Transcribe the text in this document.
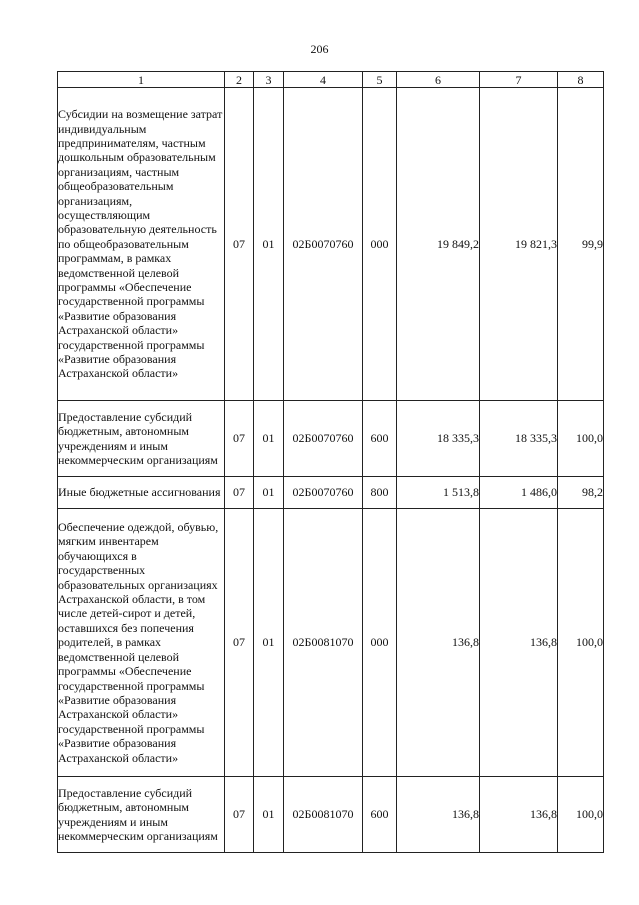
206
1	2	3	4	5	6	7	8
Субсидии на возмещение затрат индивидуальным предпринимателям, частным дошкольным образовательным организациям, частным общеобразовательным организациям, осуществляющим образовательную деятельность по общеобразовательным программам, в рамках ведомственной целевой программы «Обеспечение государственной программы «Развитие образования Астраханской области» государственной программы «Развитие образования Астраханской области»	07	01	02Б0070760	000	19 849,2	19 821,3	99,9
Предоставление субсидий бюджетным, автономным учреждениям и иным некоммерческим организациям	07	01	02Б0070760	600	18 335,3	18 335,3	100,0
Иные бюджетные ассигнования	07	01	02Б0070760	800	1 513,8	1 486,0	98,2
Обеспечение одеждой, обувью, мягким инвентарем обучающихся в государственных образовательных организациях Астраханской области, в том числе детей-сирот и детей, оставшихся без попечения родителей, в рамках ведомственной целевой программы «Обеспечение государственной программы «Развитие образования Астраханской области» государственной программы «Развитие образования Астраханской области»	07	01	02Б0081070	000	136,8	136,8	100,0
Предоставление субсидий бюджетным, автономным учреждениям и иным некоммерческим организациям	07	01	02Б0081070	600	136,8	136,8	100,0
